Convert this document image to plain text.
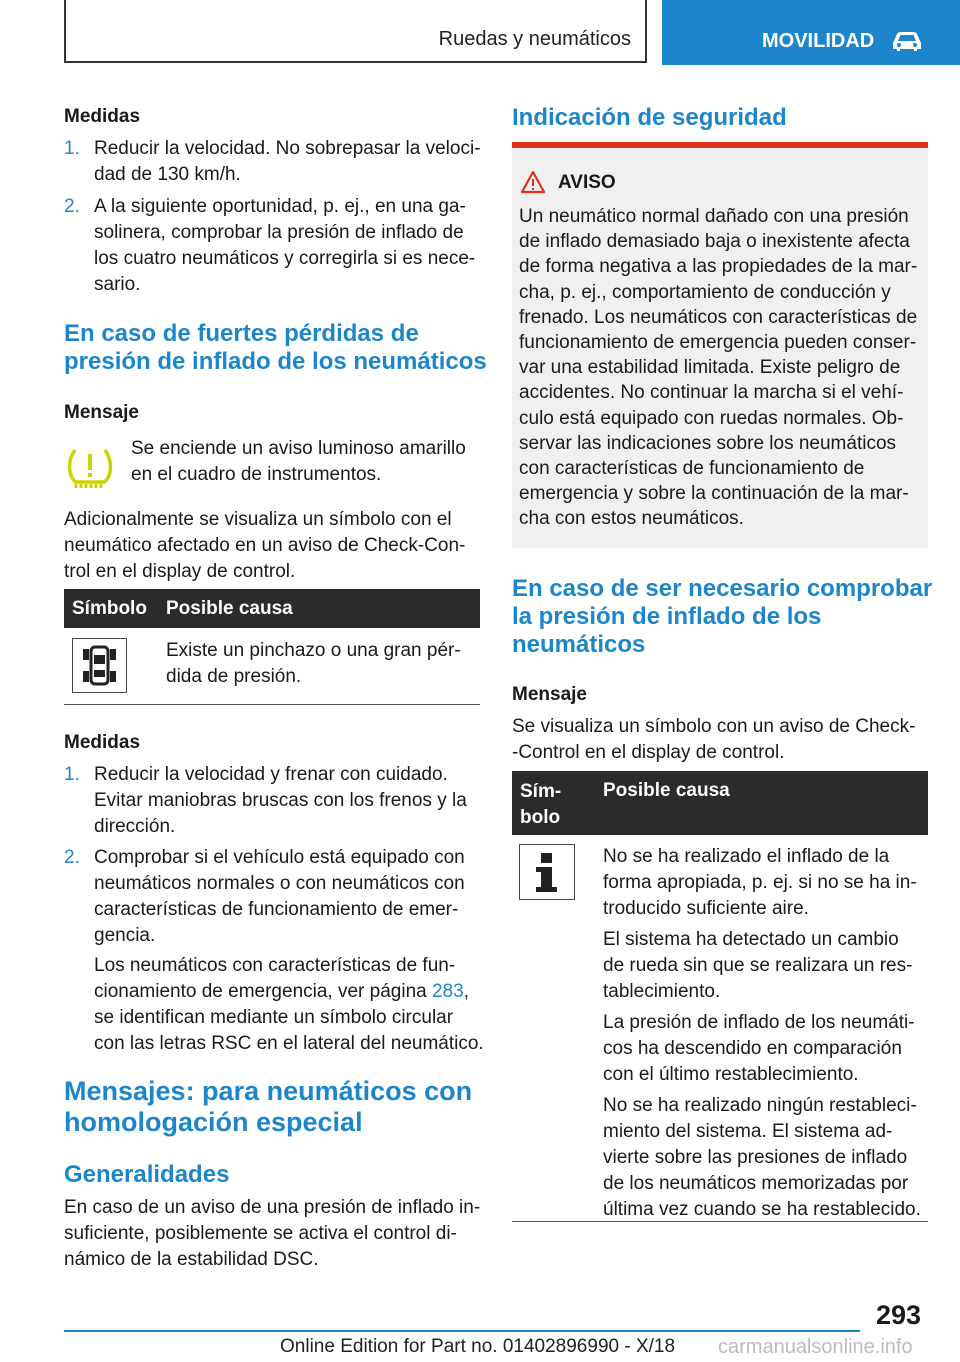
Ruedas y neumáticos	MOVILIDAD
Medidas
1. Reducir la velocidad. No sobrepasar la veloci-
dad de 130 km/h.
2. A la siguiente oportunidad, p. ej., en una ga-
solinera, comprobar la presión de inflado de
los cuatro neumáticos y corregirla si es nece-
sario.
En caso de fuertes pérdidas de
presión de inflado de los neumáticos
Mensaje
Se enciende un aviso luminoso amarillo
en el cuadro de instrumentos.
Adicionalmente se visualiza un símbolo con el
neumático afectado en un aviso de Check-Con-
trol en el display de control.
Símbolo Posible causa
Existe un pinchazo o una gran pér-
dida de presión.
Medidas
1. Reducir la velocidad y frenar con cuidado.
Evitar maniobras bruscas con los frenos y la
dirección.
2. Comprobar si el vehículo está equipado con
neumáticos normales o con neumáticos con
características de funcionamiento de emer-
gencia.
Los neumáticos con características de fun-
cionamiento de emergencia, ver página 283,
se identifican mediante un símbolo circular
con las letras RSC en el lateral del neumático.
Mensajes: para neumáticos con
homologación especial
Generalidades
En caso de un aviso de una presión de inflado in-
suficiente, posiblemente se activa el control di-
námico de la estabilidad DSC.
Indicación de seguridad
AVISO
Un neumático normal dañado con una presión
de inflado demasiado baja o inexistente afecta
de forma negativa a las propiedades de la mar-
cha, p. ej., comportamiento de conducción y
frenado. Los neumáticos con características de
funcionamiento de emergencia pueden conser-
var una estabilidad limitada. Existe peligro de
accidentes. No continuar la marcha si el vehí-
culo está equipado con ruedas normales. Ob-
servar las indicaciones sobre los neumáticos
con características de funcionamiento de
emergencia y sobre la continuación de la mar-
cha con estos neumáticos.
En caso de ser necesario comprobar
la presión de inflado de los
neumáticos
Mensaje
Se visualiza un símbolo con un aviso de Check-
-Control en el display de control.
Sím-
bolo
Posible causa
No se ha realizado el inflado de la
forma apropiada, p. ej. si no se ha in-
troducido suficiente aire.
El sistema ha detectado un cambio
de rueda sin que se realizara un res-
tablecimiento.
La presión de inflado de los neumáti-
cos ha descendido en comparación
con el último restablecimiento.
No se ha realizado ningún restableci-
miento del sistema. El sistema ad-
vierte sobre las presiones de inflado
de los neumáticos memorizadas por
última vez cuando se ha restablecido.
293
Online Edition for Part no. 01402896990 - X/18 carmanualsonline.info
